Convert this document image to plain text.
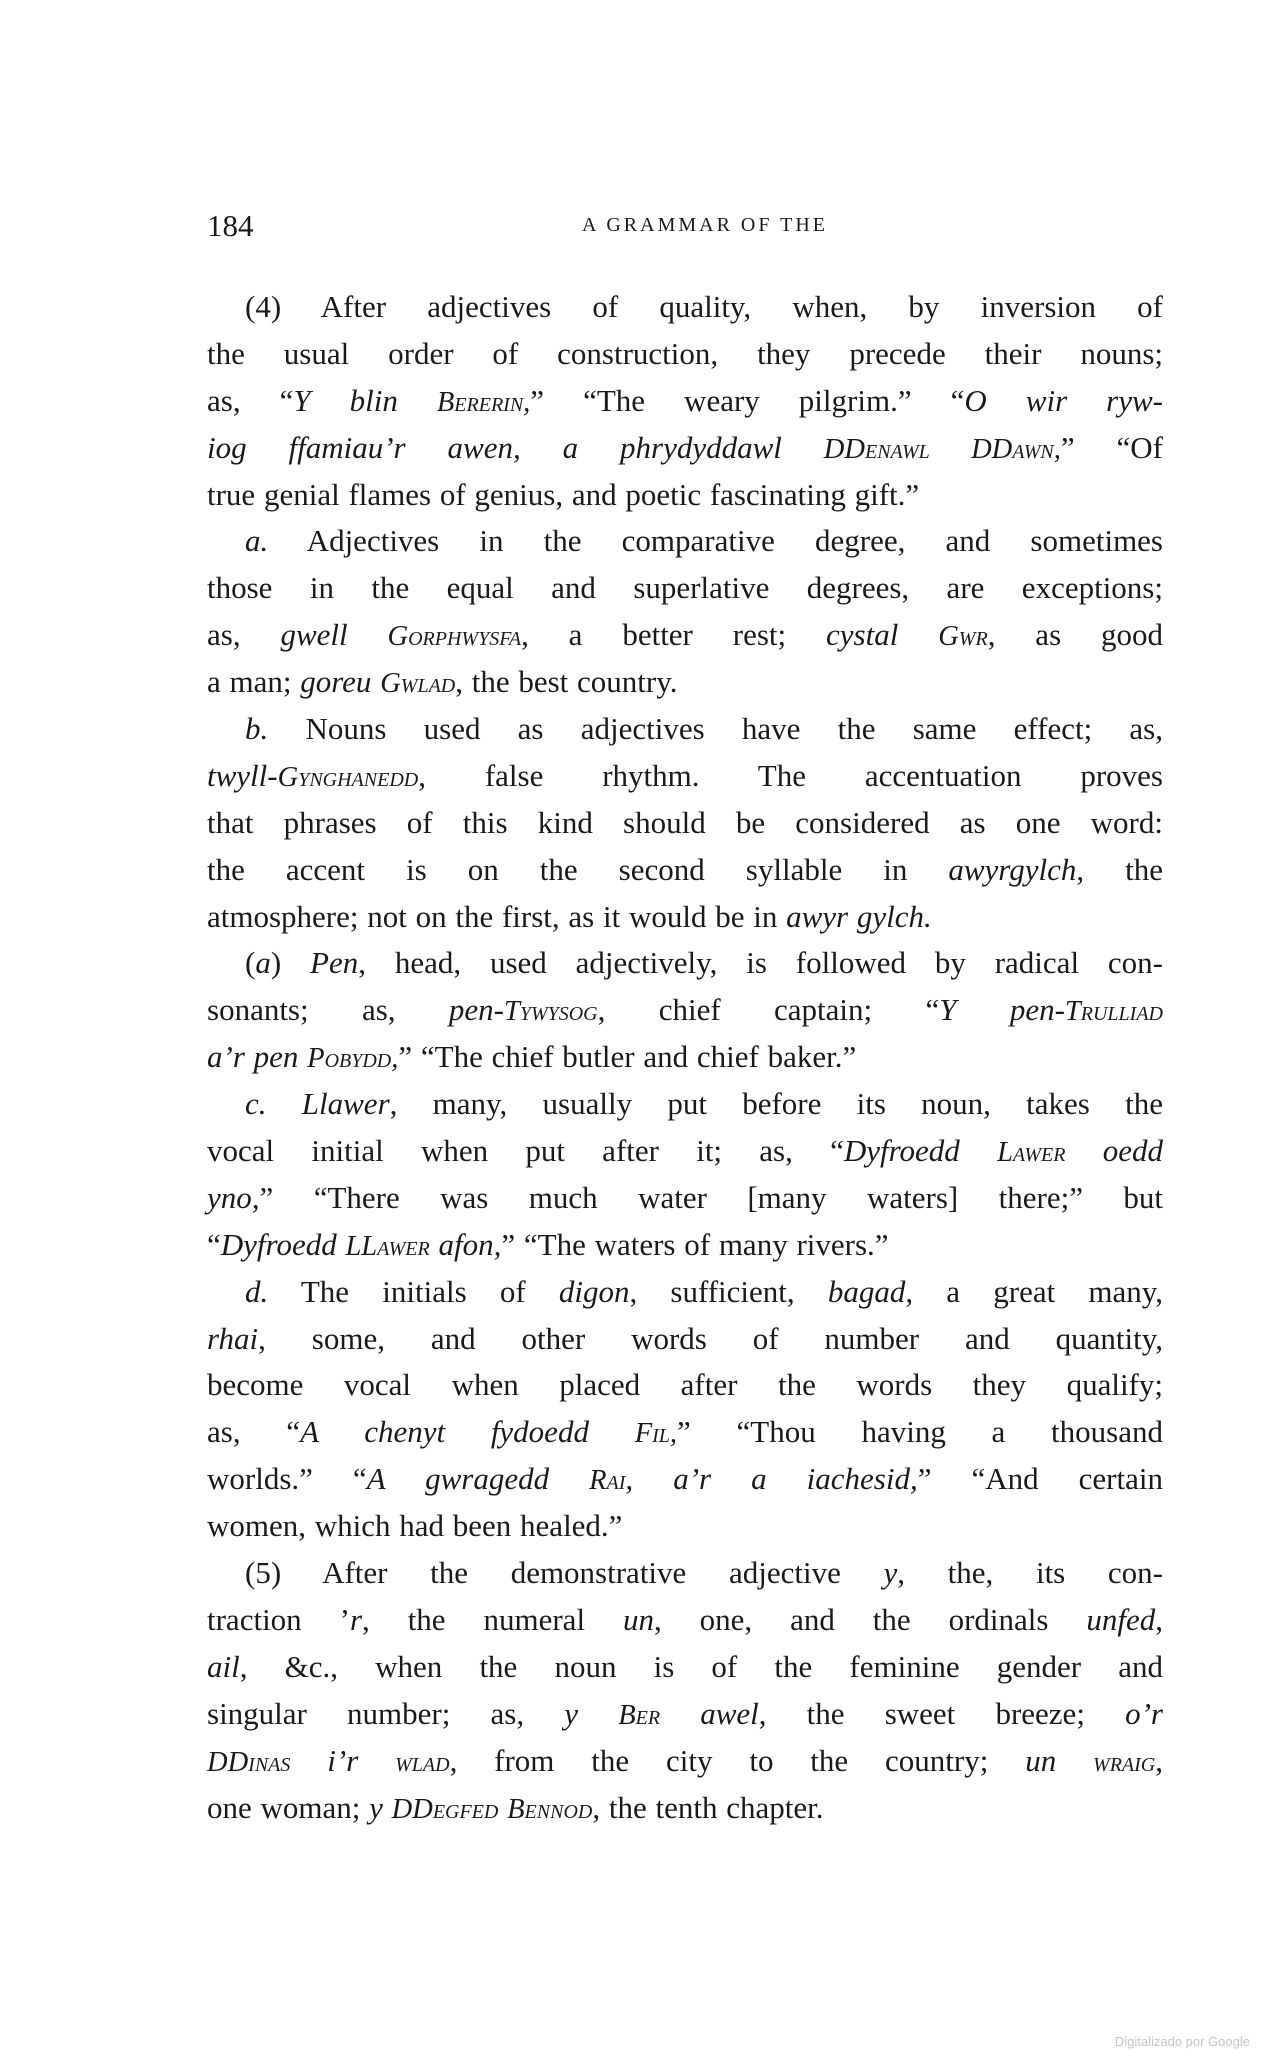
184	A GRAMMAR OF THE
(4) After adjectives of quality, when, by inversion of
the usual order of construction, they precede their nouns;
as, “Y blin Bererin,” “The weary pilgrim.” “O wir ryw-
iog ffamiau’r awen, a phrydyddawl DDenawl DDawn,” “Of
true genial flames of genius, and poetic fascinating gift.”
a. Adjectives in the comparative degree, and sometimes
those in the equal and superlative degrees, are exceptions;
as, gwell Gorphwysfa, a better rest; cystal Gwr, as good
a man; goreu Gwlad, the best country.
b. Nouns used as adjectives have the same effect; as,
twyll-Gynghanedd, false rhythm. The accentuation proves
that phrases of this kind should be considered as one word:
the accent is on the second syllable in awyrgylch, the
atmosphere; not on the first, as it would be in awyr gylch.
(a) Pen, head, used adjectively, is followed by radical con-
sonants; as, pen-Tywysog, chief captain; “Y pen-Trulliad
a’r pen Pobydd,” “The chief butler and chief baker.”
c. Llawer, many, usually put before its noun, takes the
vocal initial when put after it; as, “Dyfroedd Lawer oedd
yno,” “There was much water [many waters] there;” but
“Dyfroedd LLawer afon,” “The waters of many rivers.”
d. The initials of digon, sufficient, bagad, a great many,
rhai, some, and other words of number and quantity,
become vocal when placed after the words they qualify;
as, “A chenyt fydoedd Fil,” “Thou having a thousand
worlds.” “A gwragedd Rai, a’r a iachesid,” “And certain
women, which had been healed.”
(5) After the demonstrative adjective y, the, its con-
traction ’r, the numeral un, one, and the ordinals unfed,
ail, &c., when the noun is of the feminine gender and
singular number; as, y Ber awel, the sweet breeze; o’r
DDinas i’r wlad, from the city to the country; un wraig,
one woman; y DDegfed Bennod, the tenth chapter.
Digitalizado por Google
